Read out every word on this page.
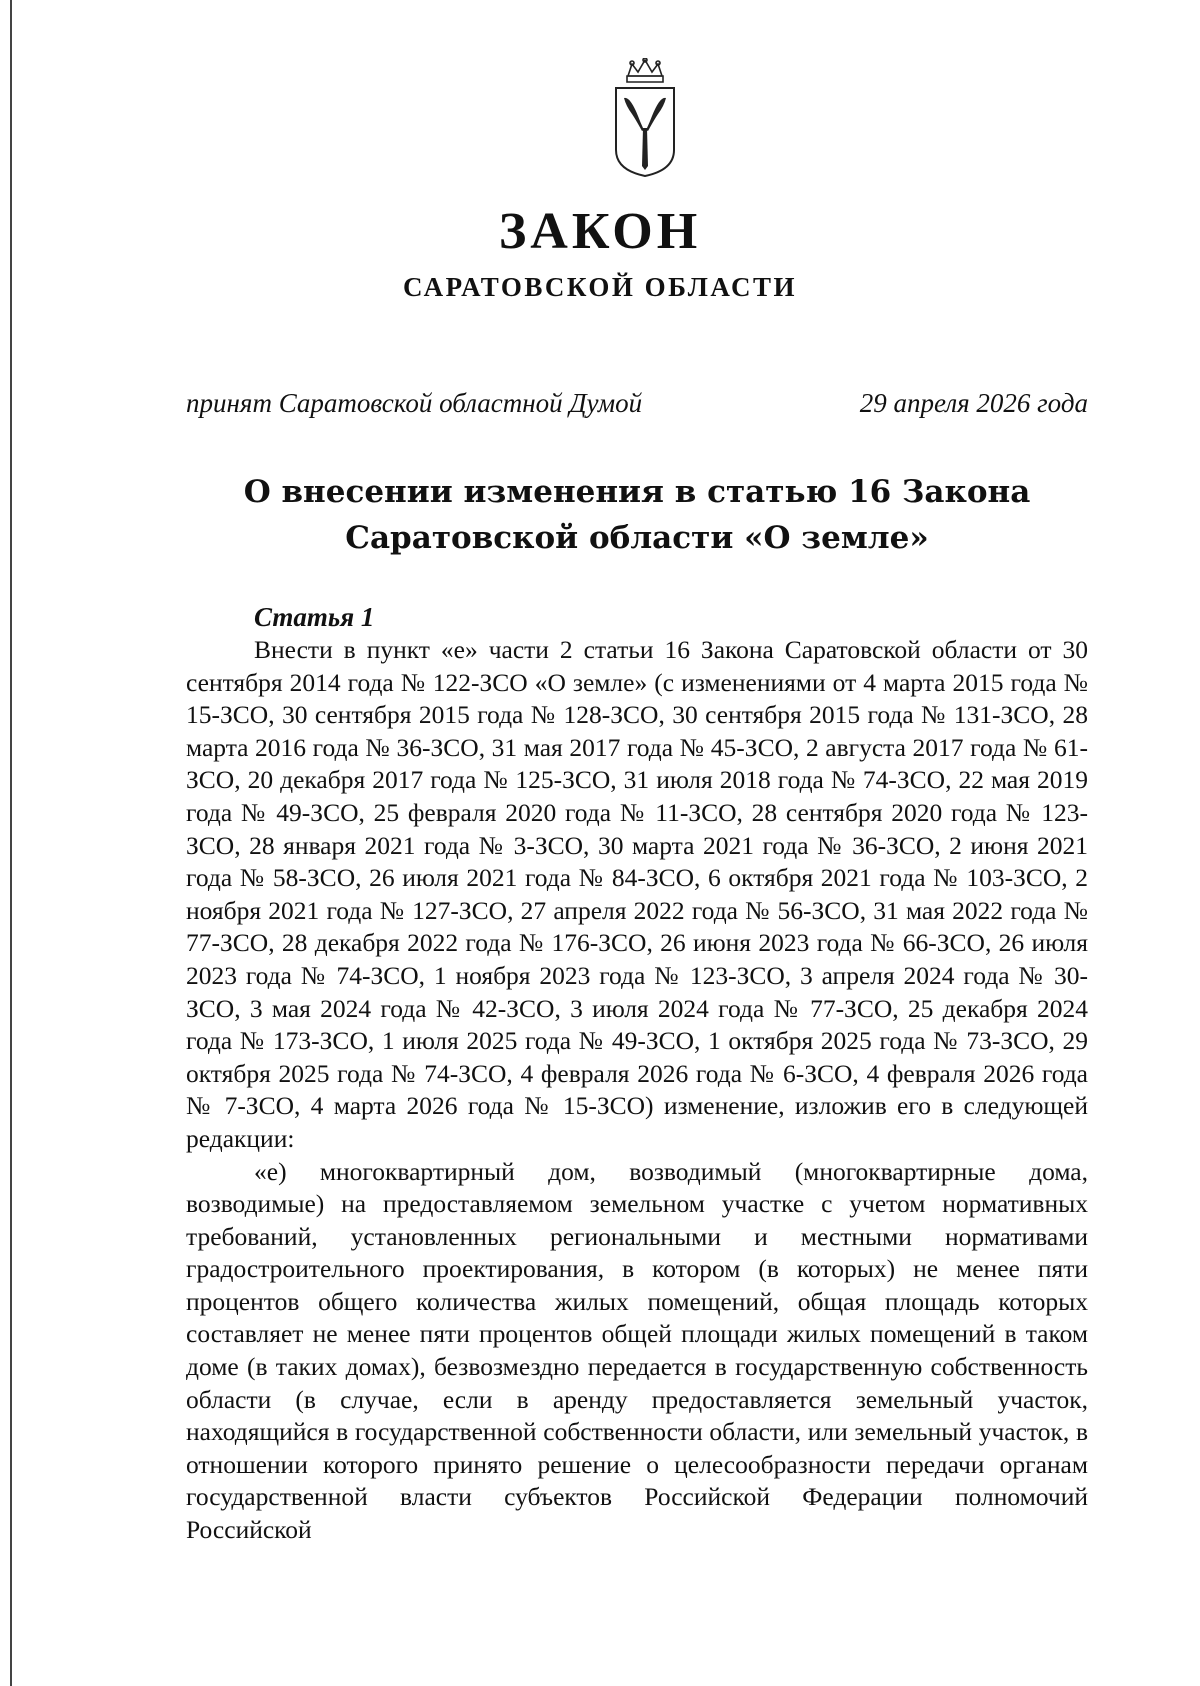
ЗАКОН
САРАТОВСКОЙ ОБЛАСТИ
принят Саратовской областной Думой	29 апреля 2026 года
О внесении изменения в статью 16 Закона
Саратовской области «О земле»

Статья 1

Внести в пункт «е» части 2 статьи 16 Закона Саратовской области от 30 сентября 2014 года № 122-ЗСО «О земле» (с изменениями от 4 марта 2015 года № 15-ЗСО, 30 сентября 2015 года № 128-ЗСО, 30 сентября 2015 года № 131-ЗСО, 28 марта 2016 года № 36-ЗСО, 31 мая 2017 года № 45-ЗСО, 2 августа 2017 года № 61-ЗСО, 20 декабря 2017 года № 125-ЗСО, 31 июля 2018 года № 74-ЗСО, 22 мая 2019 года № 49-ЗСО, 25 февраля 2020 года № 11-ЗСО, 28 сентября 2020 года № 123-ЗСО, 28 января 2021 года № 3-ЗСО, 30 марта 2021 года № 36-ЗСО, 2 июня 2021 года № 58-ЗСО, 26 июля 2021 года № 84-ЗСО, 6 октября 2021 года № 103-ЗСО, 2 ноября 2021 года № 127-ЗСО, 27 апреля 2022 года № 56-ЗСО, 31 мая 2022 года № 77-ЗСО, 28 декабря 2022 года № 176-ЗСО, 26 июня 2023 года № 66-ЗСО, 26 июля 2023 года № 74-ЗСО, 1 ноября 2023 года № 123-ЗСО, 3 апреля 2024 года № 30-ЗСО, 3 мая 2024 года № 42-ЗСО, 3 июля 2024 года № 77-ЗСО, 25 декабря 2024 года № 173-ЗСО, 1 июля 2025 года № 49-ЗСО, 1 октября 2025 года № 73-ЗСО, 29 октября 2025 года № 74-ЗСО, 4 февраля 2026 года № 6-ЗСО, 4 февраля 2026 года № 7-ЗСО, 4 марта 2026 года № 15-ЗСО) изменение, изложив его в следующей редакции:

«е) многоквартирный дом, возводимый (многоквартирные дома, возводимые) на предоставляемом земельном участке с учетом нормативных требований, установленных региональными и местными нормативами градостроительного проектирования, в котором (в которых) не менее пяти процентов общего количества жилых помещений, общая площадь которых составляет не менее пяти процентов общей площади жилых помещений в таком доме (в таких домах), безвозмездно передается в государственную собственность области (в случае, если в аренду предоставляется земельный участок, находящийся в государственной собственности области, или земельный участок, в отношении которого принято решение о целесообразности передачи органам государственной власти субъектов Российской Федерации полномочий Российской
